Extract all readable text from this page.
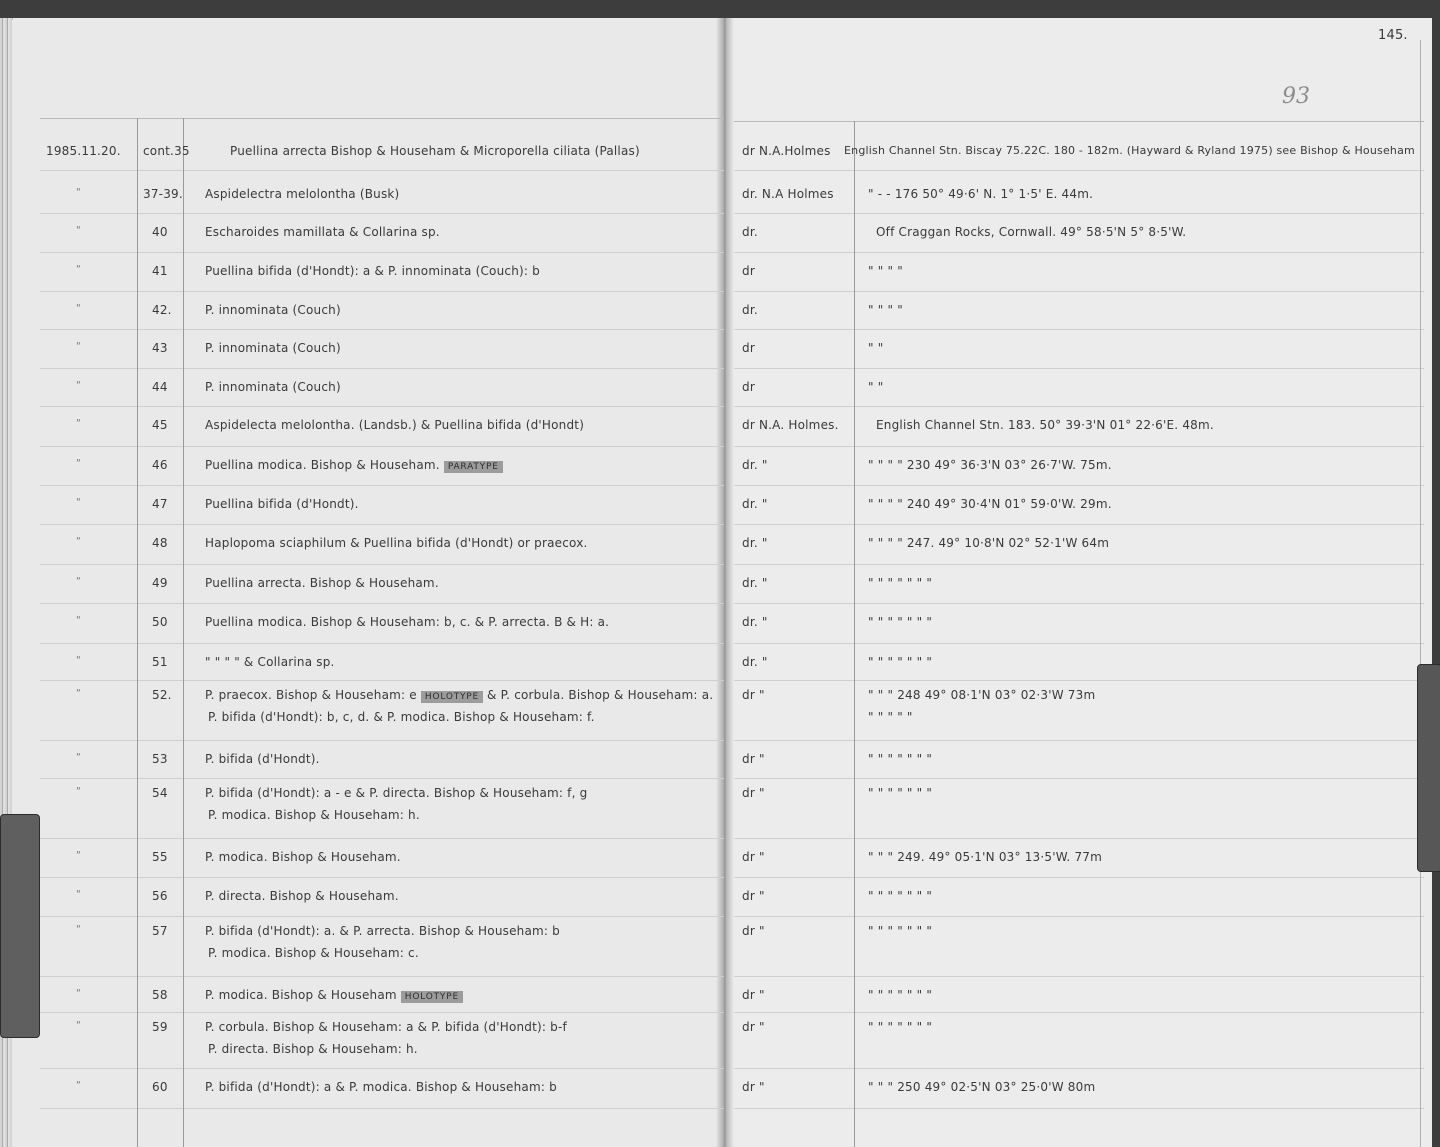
1985.11.20. cont.35	Puellina arrecta Bishop & Househam & Microporella ciliata (Pallas)	dr N.A.Holmes English Channel Stn. Biscay 75.22C. 180 - 182m. (Hayward & Ryland 1975) see Bishop & Househam
"	37-39. Aspidelectra melolontha (Busk)	dr. N.A Holmes	" - - 176 50° 49·6' N. 1° 1·5' E. 44m.
"	40	Escharoides mamillata & Collarina sp.	dr.	Off Craggan Rocks, Cornwall. 49° 58·5'N 5° 8·5'W.
"	41	Puellina bifida (d'Hondt): a & P. innominata (Couch): b	dr	" " " "
"	42.	P. innominata (Couch)	dr.	" " " "
"	43	P. innominata (Couch)	dr	" "
"	44	P. innominata (Couch)	dr	" "
"	45	Aspidelecta melolontha. (Landsb.) & Puellina bifida (d'Hondt)	dr N.A. Holmes.	English Channel Stn. 183. 50° 39·3'N 01° 22·6'E. 48m.
"	46	Puellina modica. Bishop & Househam. PARATYPE	dr. "	" " " " 230 49° 36·3'N 03° 26·7'W. 75m.
"	47	Puellina bifida (d'Hondt).	dr. "	" " " " 240 49° 30·4'N 01° 59·0'W. 29m.
"	48	Haplopoma sciaphilum & Puellina bifida (d'Hondt) or praecox.	dr. "	" " " " 247. 49° 10·8'N 02° 52·1'W 64m
"	49	Puellina arrecta. Bishop & Househam.	dr. "	" " " " " " "
"	50	Puellina modica. Bishop & Househam: b, c. & P. arrecta. B & H: a.	dr. "	" " " " " " "
"	51	" " " " & Collarina sp.	dr. "	" " " " " " "
"	52.	P. praecox. Bishop & Househam: e HOLOTYPE & P. corbula. Bishop & Househam: a.
P. bifida (d'Hondt): b, c, d. & P. modica. Bishop & Househam: f.
dr "	" " " 248 49° 08·1'N 03° 02·3'W 73m
" " " " "
"	53	P. bifida (d'Hondt).	dr "	" " " " " " "
"	54	P. bifida (d'Hondt): a - e & P. directa. Bishop & Househam: f, g
P. modica. Bishop & Househam: h.
dr "	" " " " " " "
"	55	P. modica. Bishop & Househam.	dr "	" " " 249. 49° 05·1'N 03° 13·5'W. 77m
"	56	P. directa. Bishop & Househam.	dr "	" " " " " " "
"	57	P. bifida (d'Hondt): a. & P. arrecta. Bishop & Househam: b
P. modica. Bishop & Househam: c.
dr "	" " " " " " "
"	58	P. modica. Bishop & Househam HOLOTYPE	dr "	" " " " " " "
"	59	P. corbula. Bishop & Househam: a & P. bifida (d'Hondt): b-f
P. directa. Bishop & Househam: h.
dr "	" " " " " " "
"	60	P. bifida (d'Hondt): a & P. modica. Bishop & Househam: b	dr "	" " " 250 49° 02·5'N 03° 25·0'W 80m
145.
93
